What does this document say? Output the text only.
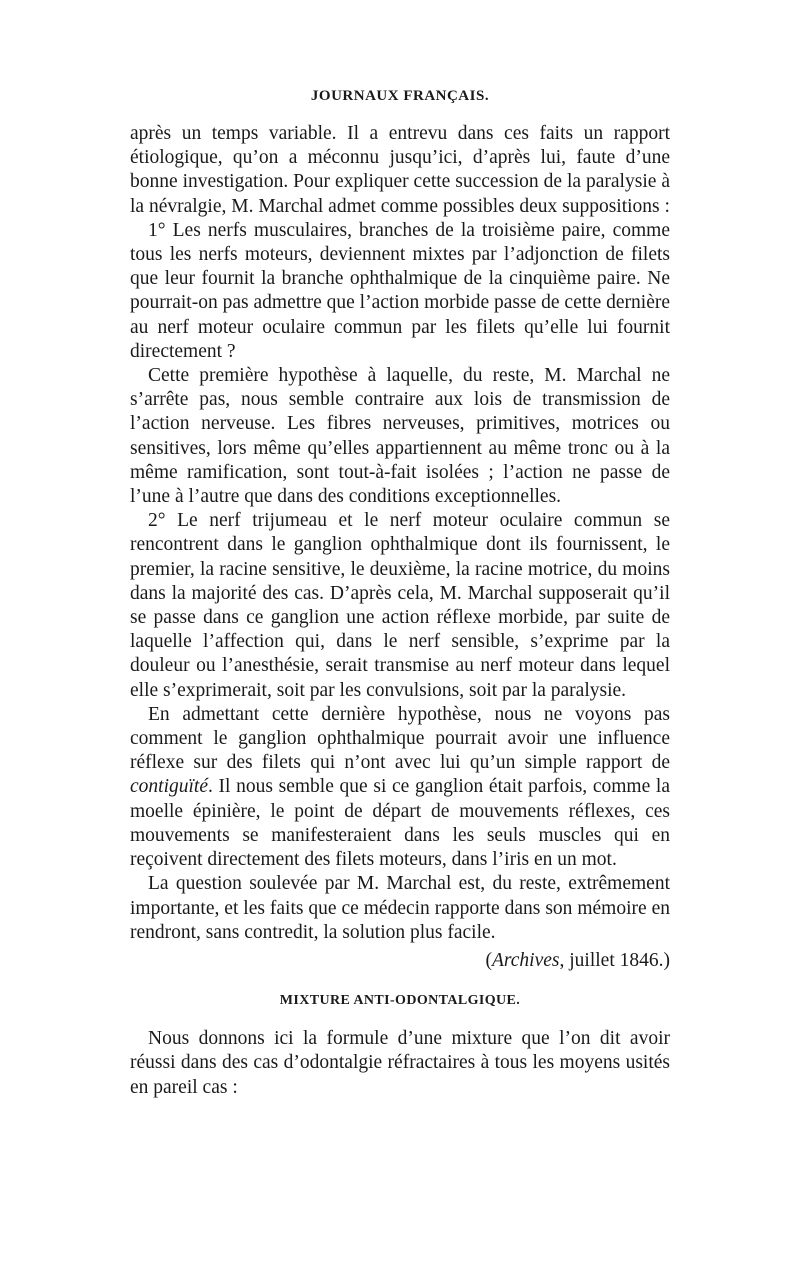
JOURNAUX FRANÇAIS.

après un temps variable. Il a entrevu dans ces faits un rapport étiologique, qu’on a méconnu jusqu’ici, d’après lui, faute d’une bonne investigation. Pour expliquer cette succession de la paralysie à la névralgie, M. Marchal admet comme possibles deux suppositions :

1° Les nerfs musculaires, branches de la troisième paire, comme tous les nerfs moteurs, deviennent mixtes par l’adjonction de filets que leur fournit la branche ophthalmique de la cinquième paire. Ne pourrait-on pas admettre que l’action morbide passe de cette dernière au nerf moteur oculaire commun par les filets qu’elle lui fournit directement ?

Cette première hypothèse à laquelle, du reste, M. Marchal ne s’arrête pas, nous semble contraire aux lois de transmission de l’action nerveuse. Les fibres nerveuses, primitives, motrices ou sensitives, lors même qu’elles appartiennent au même tronc ou à la même ramification, sont tout-à-fait isolées ; l’action ne passe de l’une à l’autre que dans des conditions exceptionnelles.

2° Le nerf trijumeau et le nerf moteur oculaire commun se rencontrent dans le ganglion ophthalmique dont ils fournissent, le premier, la racine sensitive, le deuxième, la racine motrice, du moins dans la majorité des cas. D’après cela, M. Marchal supposerait qu’il se passe dans ce ganglion une action réflexe morbide, par suite de laquelle l’affection qui, dans le nerf sensible, s’exprime par la douleur ou l’anesthésie, serait transmise au nerf moteur dans lequel elle s’exprimerait, soit par les convulsions, soit par la paralysie.

En admettant cette dernière hypothèse, nous ne voyons pas comment le ganglion ophthalmique pourrait avoir une influence réflexe sur des filets qui n’ont avec lui qu’un simple rapport de contiguïté. Il nous semble que si ce ganglion était parfois, comme la moelle épinière, le point de départ de mouvements réflexes, ces mouvements se manifesteraient dans les seuls muscles qui en reçoivent directement des filets moteurs, dans l’iris en un mot.

La question soulevée par M. Marchal est, du reste, extrêmement importante, et les faits que ce médecin rapporte dans son mémoire en rendront, sans contredit, la solution plus facile.

(Archives, juillet 1846.)
MIXTURE ANTI-ODONTALGIQUE.

Nous donnons ici la formule d’une mixture que l’on dit avoir réussi dans des cas d’odontalgie réfractaires à tous les moyens usités en pareil cas :
